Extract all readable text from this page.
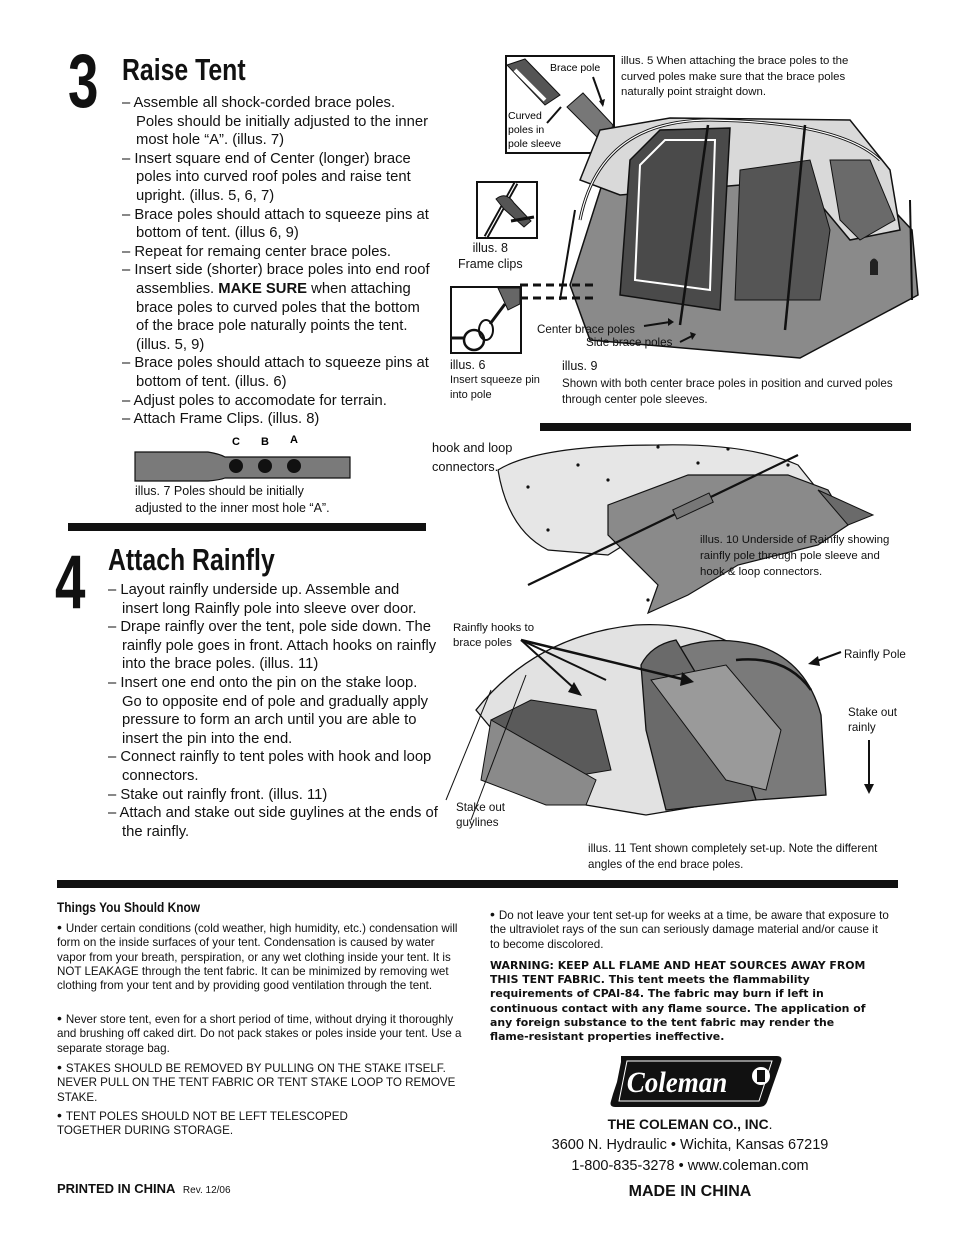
3 Raise Tent
– Assemble all shock-corded brace poles. Poles should be initially adjusted to the inner most hole “A”. (illus. 7)
– Insert square end of Center (longer) brace poles into curved roof poles and raise tent upright. (illus. 5, 6, 7)
– Brace poles should attach to squeeze pins at bottom of tent. (illus 6, 9)
– Repeat for remaing center brace poles.
– Insert side (shorter) brace poles into end roof assemblies. MAKE SURE when attaching brace poles to curved poles that the bottom of the brace pole naturally points the tent. (illus. 5, 9)
– Brace poles should attach to squeeze pins at bottom of tent. (illus. 6)
– Adjust poles to accomodate for terrain.
– Attach Frame Clips. (illus. 8)
C B A
illus. 7 Poles should be initially
adjusted to the inner most hole “A”.
Brace pole
Curved poles in pole sleeve
illus. 5 When attaching the brace poles to the curved poles make sure that the brace poles naturally point straight down.
illus. 8
Frame clips
illus. 6
Insert squeeze pin
into pole
Center brace poles
Side brace poles
illus. 9
Shown with both center brace poles in position and curved poles through center pole sleeves.
hook and loop
connectors.
illus. 10 Underside of Rainfly showing rainfly pole through pole sleeve and hook & loop connectors.
4 Attach Rainfly
– Layout rainfly underside up. Assemble and insert long Rainfly pole into sleeve over door.
– Drape rainfly over the tent, pole side down. The rainfly pole goes in front. Attach hooks on rainfly into the brace poles. (illus. 11)
– Insert one end onto the pin on the stake loop. Go to opposite end of pole and gradually apply pressure to form an arch until you are able to insert the pin into the end.
– Connect rainfly to tent poles with hook and loop connectors.
– Stake out rainfly front. (illus. 11)
– Attach and stake out side guylines at the ends of the rainfly.
Rainfly hooks to
brace poles
Rainfly Pole
Stake out
rainly
Stake out
guylines
illus. 11 Tent shown completely set-up. Note the different angles of the end brace poles.
Things You Should Know
• Under certain conditions (cold weather, high humidity, etc.) condensation will form on the inside surfaces of your tent. Condensation is caused by water vapor from your breath, perspiration, or any wet clothing inside your tent. It is NOT LEAKAGE through the tent fabric. It can be minimized by removing wet clothing from your tent and by providing good ventilation through the tent.
• Never store tent, even for a short period of time, without drying it thoroughly and brushing off caked dirt. Do not pack stakes or poles inside your tent. Use a separate storage bag.
• STAKES SHOULD BE REMOVED BY PULLING ON THE STAKE ITSELF. NEVER PULL ON THE TENT FABRIC OR TENT STAKE LOOP TO REMOVE STAKE.
• TENT POLES SHOULD NOT BE LEFT TELESCOPED TOGETHER DURING STORAGE.
• Do not leave your tent set-up for weeks at a time, be aware that exposure to the ultraviolet rays of the sun can seriously damage material and/or cause it to become discolored.
WARNING: KEEP ALL FLAME AND HEAT SOURCES AWAY FROM THIS TENT FABRIC. This tent meets the flammability requirements of CPAI-84. The fabric may burn if left in continuous contact with any flame source. The application of any foreign substance to the tent fabric may render the flame-resistant properties ineffective.
Coleman
THE COLEMAN CO., INC.
3600 N. Hydraulic • Wichita, Kansas 67219
1-800-835-3278 • www.coleman.com
MADE IN CHINA
PRINTED IN CHINA Rev. 12/06
